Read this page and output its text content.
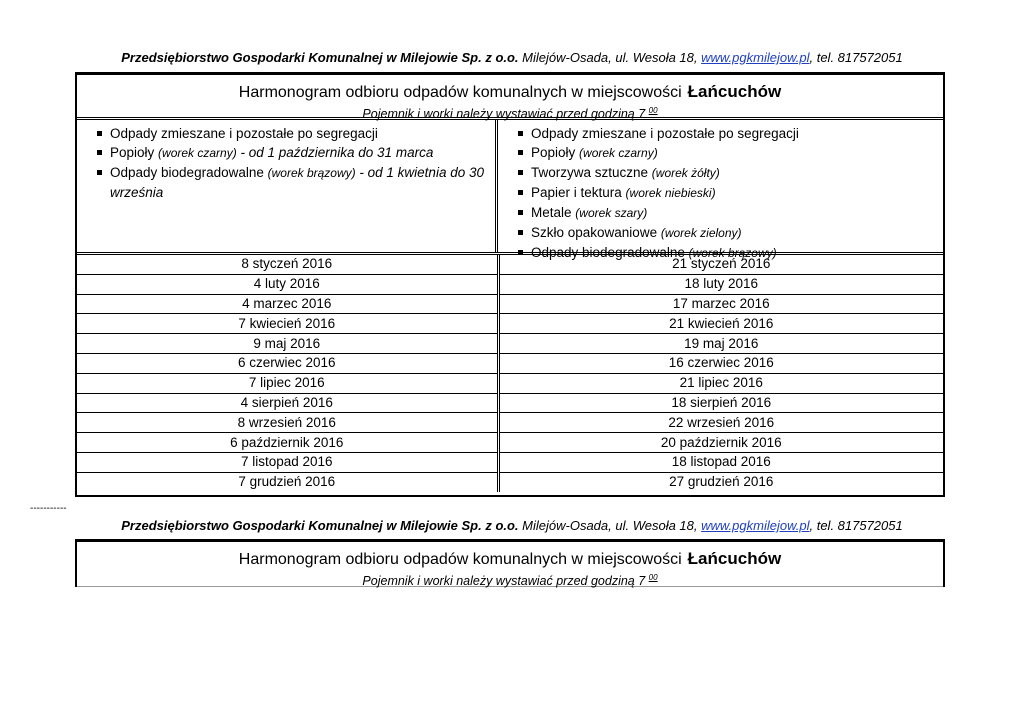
Przedsiębiorstwo Gospodarki Komunalnej w Milejowie Sp. z o.o. Milejów-Osada, ul. Wesoła 18, www.pgkmilejow.pl, tel. 817572051
Harmonogram odbioru odpadów komunalnych w miejscowości Łańcuchów
Pojemnik i worki należy wystawiać przed godziną 7 $^{00}$
Odpady zmieszane i pozostałe po segregacji
Popioły (worek czarny) - od 1 października do 31 marca
Odpady biodegradowalne (worek brązowy) - od 1 kwietnia do 30 września
Odpady zmieszane i pozostałe po segregacji
Popioły (worek czarny)
Tworzywa sztuczne (worek żółty)
Papier i tektura (worek niebieski)
Metale (worek szary)
Szkło opakowaniowe (worek zielony)
Odpady biodegradowalne (worek brązowy)
8 styczeń 2016	21 styczeń 2016
4 luty 2016	18 luty 2016
4 marzec 2016	17 marzec 2016
7 kwiecień 2016	21 kwiecień 2016
9 maj 2016	19 maj 2016
6 czerwiec 2016	16 czerwiec 2016
7 lipiec 2016	21 lipiec 2016
4 sierpień 2016	18 sierpień 2016
8 wrzesień 2016	22 wrzesień 2016
6 październik 2016	20 październik 2016
7 listopad 2016	18 listopad 2016
7 grudzień 2016	27 grudzień 2016
-----------
Przedsiębiorstwo Gospodarki Komunalnej w Milejowie Sp. z o.o. Milejów-Osada, ul. Wesoła 18, www.pgkmilejow.pl, tel. 817572051
Harmonogram odbioru odpadów komunalnych w miejscowości Łańcuchów
Pojemnik i worki należy wystawiać przed godziną 7 $^{00}$
